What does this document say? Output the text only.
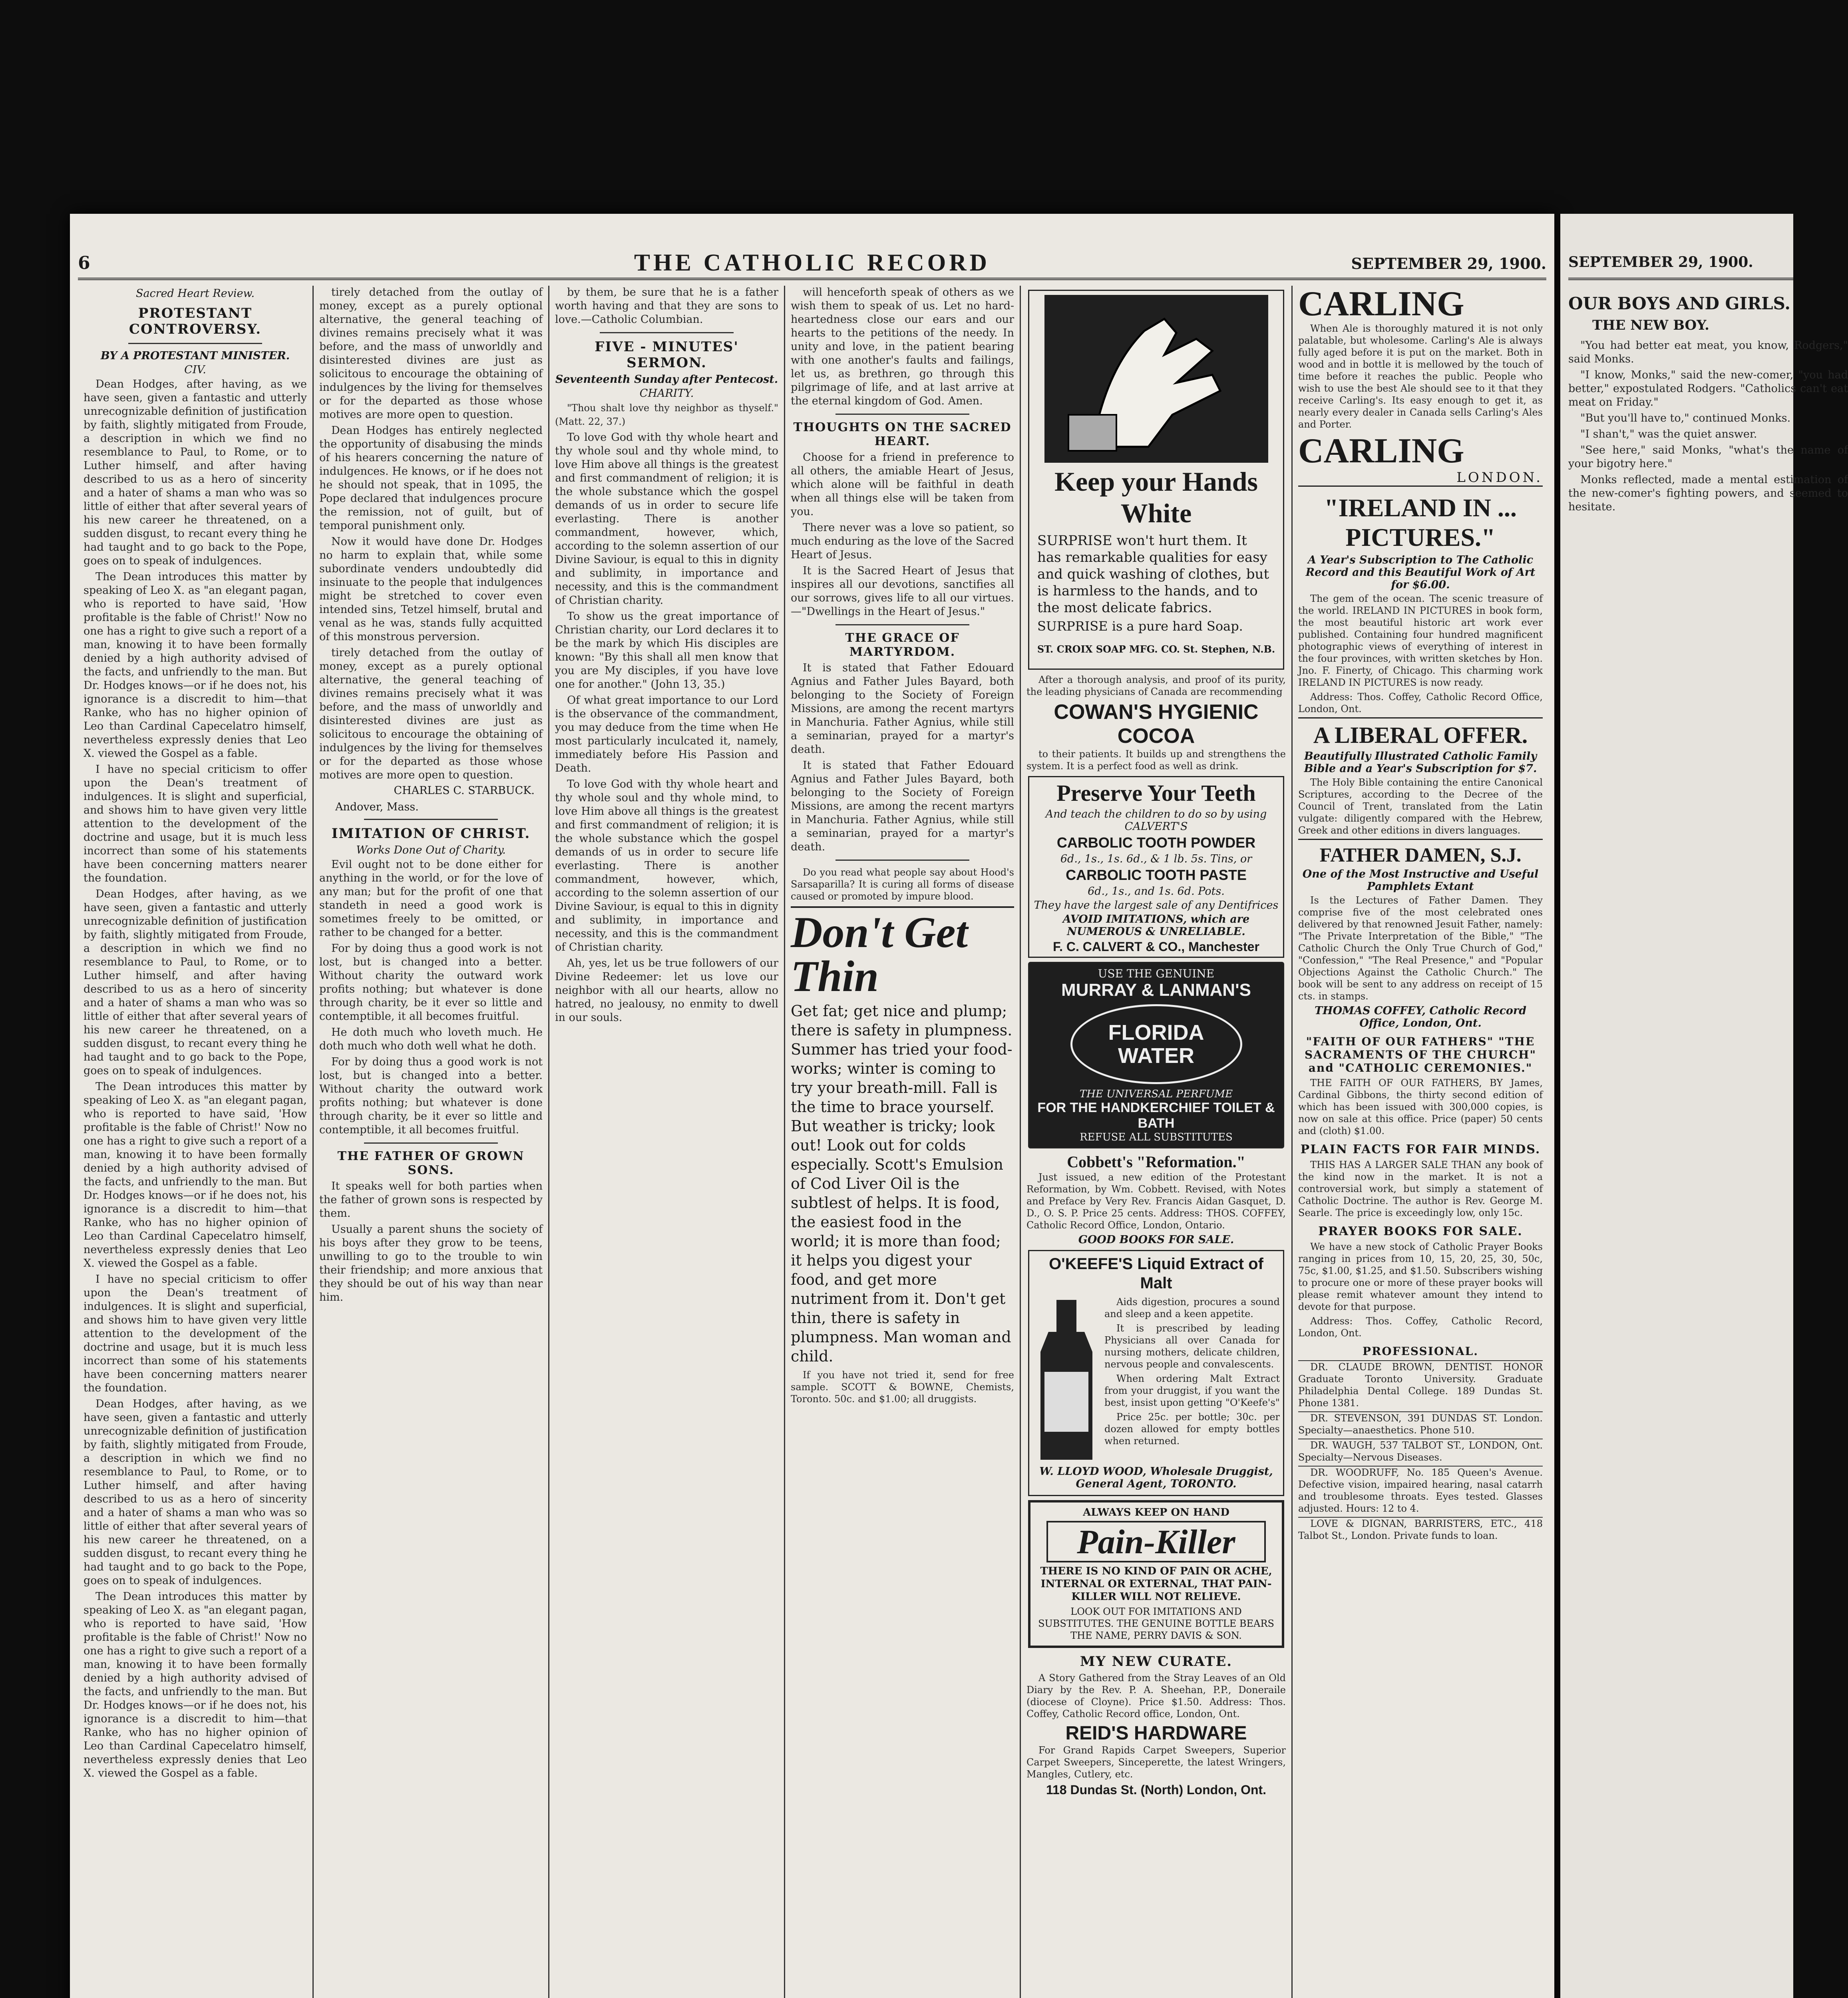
6	THE CATHOLIC RECORD	SEPTEMBER 29, 1900.
Sacred Heart Review.
PROTESTANT CONTROVERSY.
BY A PROTESTANT MINISTER.
CIV.

Dean Hodges, after having, as we have seen, given a fantastic and utterly unrecognizable definition of justification by faith, slightly mitigated from Froude, a description in which we find no resemblance to Paul, to Rome, or to Luther himself, and after having described to us as a hero of sincerity and a hater of shams a man who was so little of either that after several years of his new career he threatened, on a sudden disgust, to recant every thing he had taught and to go back to the Pope, goes on to speak of indulgences.

The Dean introduces this matter by speaking of Leo X. as "an elegant pagan, who is reported to have said, 'How profitable is the fable of Christ!' Now no one has a right to give such a report of a man, knowing it to have been formally denied by a high authority advised of the facts, and unfriendly to the man. But Dr. Hodges knows—or if he does not, his ignorance is a discredit to him—that Ranke, who has no higher opinion of Leo than Cardinal Capecelatro himself, nevertheless expressly denies that Leo X. viewed the Gospel as a fable.

I have no special criticism to offer upon the Dean's treatment of indulgences. It is slight and superficial, and shows him to have given very little attention to the development of the doctrine and usage, but it is much less incorrect than some of his statements have been concerning matters nearer the foundation.

Dean Hodges, after having, as we have seen, given a fantastic and utterly unrecognizable definition of justification by faith, slightly mitigated from Froude, a description in which we find no resemblance to Paul, to Rome, or to Luther himself, and after having described to us as a hero of sincerity and a hater of shams a man who was so little of either that after several years of his new career he threatened, on a sudden disgust, to recant every thing he had taught and to go back to the Pope, goes on to speak of indulgences.

The Dean introduces this matter by speaking of Leo X. as "an elegant pagan, who is reported to have said, 'How profitable is the fable of Christ!' Now no one has a right to give such a report of a man, knowing it to have been formally denied by a high authority advised of the facts, and unfriendly to the man. But Dr. Hodges knows—or if he does not, his ignorance is a discredit to him—that Ranke, who has no higher opinion of Leo than Cardinal Capecelatro himself, nevertheless expressly denies that Leo X. viewed the Gospel as a fable.

I have no special criticism to offer upon the Dean's treatment of indulgences. It is slight and superficial, and shows him to have given very little attention to the development of the doctrine and usage, but it is much less incorrect than some of his statements have been concerning matters nearer the foundation.

Dean Hodges, after having, as we have seen, given a fantastic and utterly unrecognizable definition of justification by faith, slightly mitigated from Froude, a description in which we find no resemblance to Paul, to Rome, or to Luther himself, and after having described to us as a hero of sincerity and a hater of shams a man who was so little of either that after several years of his new career he threatened, on a sudden disgust, to recant every thing he had taught and to go back to the Pope, goes on to speak of indulgences.

The Dean introduces this matter by speaking of Leo X. as "an elegant pagan, who is reported to have said, 'How profitable is the fable of Christ!' Now no one has a right to give such a report of a man, knowing it to have been formally denied by a high authority advised of the facts, and unfriendly to the man. But Dr. Hodges knows—or if he does not, his ignorance is a discredit to him—that Ranke, who has no higher opinion of Leo than Cardinal Capecelatro himself, nevertheless expressly denies that Leo X. viewed the Gospel as a fable.

tirely detached from the outlay of money, except as a purely optional alternative, the general teaching of divines remains precisely what it was before, and the mass of unworldly and disinterested divines are just as solicitous to encourage the obtaining of indulgences by the living for themselves or for the departed as those whose motives are more open to question.

Dean Hodges has entirely neglected the opportunity of disabusing the minds of his hearers concerning the nature of indulgences. He knows, or if he does not he should not speak, that in 1095, the Pope declared that indulgences procure the remission, not of guilt, but of temporal punishment only.

Now it would have done Dr. Hodges no harm to explain that, while some subordinate venders undoubtedly did insinuate to the people that indulgences might be stretched to cover even intended sins, Tetzel himself, brutal and venal as he was, stands fully acquitted of this monstrous perversion.

tirely detached from the outlay of money, except as a purely optional alternative, the general teaching of divines remains precisely what it was before, and the mass of unworldly and disinterested divines are just as solicitous to encourage the obtaining of indulgences by the living for themselves or for the departed as those whose motives are more open to question.

CHARLES C. STARBUCK.
Andover, Mass.
IMITATION OF CHRIST.
Works Done Out of Charity.

Evil ought not to be done either for anything in the world, or for the love of any man; but for the profit of one that standeth in need a good work is sometimes freely to be omitted, or rather to be changed for a better.

For by doing thus a good work is not lost, but is changed into a better. Without charity the outward work profits nothing; but whatever is done through charity, be it ever so little and contemptible, it all becomes fruitful.

He doth much who loveth much. He doth much who doth well what he doth.

For by doing thus a good work is not lost, but is changed into a better. Without charity the outward work profits nothing; but whatever is done through charity, be it ever so little and contemptible, it all becomes fruitful.

THE FATHER OF GROWN SONS.

It speaks well for both parties when the father of grown sons is respected by them.

Usually a parent shuns the society of his boys after they grow to be teens, unwilling to go to the trouble to win their friendship; and more anxious that they should be out of his way than near him.

by them, be sure that he is a father worth having and that they are sons to love.—Catholic Columbian.

FIVE - MINUTES' SERMON.
Seventeenth Sunday after Pentecost.
CHARITY.

"Thou shalt love thy neighbor as thyself." (Matt. 22, 37.)

To love God with thy whole heart and thy whole soul and thy whole mind, to love Him above all things is the greatest and first commandment of religion; it is the whole substance which the gospel demands of us in order to secure life everlasting. There is another commandment, however, which, according to the solemn assertion of our Divine Saviour, is equal to this in dignity and sublimity, in importance and necessity, and this is the commandment of Christian charity.

To show us the great importance of Christian charity, our Lord declares it to be the mark by which His disciples are known: "By this shall all men know that you are My disciples, if you have love one for another." (John 13, 35.)

Of what great importance to our Lord is the observance of the commandment, you may deduce from the time when He most particularly inculcated it, namely, immediately before His Passion and Death.

To love God with thy whole heart and thy whole soul and thy whole mind, to love Him above all things is the greatest and first commandment of religion; it is the whole substance which the gospel demands of us in order to secure life everlasting. There is another commandment, however, which, according to the solemn assertion of our Divine Saviour, is equal to this in dignity and sublimity, in importance and necessity, and this is the commandment of Christian charity.

Ah, yes, let us be true followers of our Divine Redeemer: let us love our neighbor with all our hearts, allow no hatred, no jealousy, no enmity to dwell in our souls.

will henceforth speak of others as we wish them to speak of us. Let no hard-heartedness close our ears and our hearts to the petitions of the needy. In unity and love, in the patient bearing with one another's faults and failings, let us, as brethren, go through this pilgrimage of life, and at last arrive at the eternal kingdom of God. Amen.

THOUGHTS ON THE SACRED HEART.

Choose for a friend in preference to all others, the amiable Heart of Jesus, which alone will be faithful in death when all things else will be taken from you.

There never was a love so patient, so much enduring as the love of the Sacred Heart of Jesus.

It is the Sacred Heart of Jesus that inspires all our devotions, sanctifies all our sorrows, gives life to all our virtues.—"Dwellings in the Heart of Jesus."

THE GRACE OF MARTYRDOM.

It is stated that Father Edouard Agnius and Father Jules Bayard, both belonging to the Society of Foreign Missions, are among the recent martyrs in Manchuria. Father Agnius, while still a seminarian, prayed for a martyr's death.

It is stated that Father Edouard Agnius and Father Jules Bayard, both belonging to the Society of Foreign Missions, are among the recent martyrs in Manchuria. Father Agnius, while still a seminarian, prayed for a martyr's death.

Do you read what people say about Hood's Sarsaparilla? It is curing all forms of disease caused or promoted by impure blood.

Don't Get Thin

Get fat; get nice and plump; there is safety in plumpness. Summer has tried your food-works; winter is coming to try your breath-mill. Fall is the time to brace yourself. But weather is tricky; look out! Look out for colds especially. Scott's Emulsion of Cod Liver Oil is the subtlest of helps. It is food, the easiest food in the world; it is more than food; it helps you digest your food, and get more nutriment from it. Don't get thin, there is safety in plumpness. Man woman and child.

If you have not tried it, send for free sample. SCOTT & BOWNE, Chemists, Toronto. 50c. and $1.00; all druggists.

Keep your Hands White

SURPRISE won't hurt them. It has remarkable qualities for easy and quick washing of clothes, but is harmless to the hands, and to the most delicate fabrics.

SURPRISE is a pure hard Soap.

ST. CROIX SOAP MFG. CO. St. Stephen, N.B.

After a thorough analysis, and proof of its purity, the leading physicians of Canada are recommending

COWAN'S HYGIENIC COCOA

to their patients. It builds up and strengthens the system. It is a perfect food as well as drink.

Preserve Your Teeth
And teach the children to do so by using CALVERT'S
CARBOLIC TOOTH POWDER
6d., 1s., 1s. 6d., & 1 lb. 5s. Tins, or
CARBOLIC TOOTH PASTE
6d., 1s., and 1s. 6d. Pots.
They have the largest sale of any Dentifrices
AVOID IMITATIONS, which are NUMEROUS & UNRELIABLE.
F. C. CALVERT & CO., Manchester
USE THE GENUINE
MURRAY & LANMAN'S
FLORIDA WATER
THE UNIVERSAL PERFUME
FOR THE HANDKERCHIEF TOILET & BATH
REFUSE ALL SUBSTITUTES
Cobbett's "Reformation."

Just issued, a new edition of the Protestant Reformation, by Wm. Cobbett. Revised, with Notes and Preface by Very Rev. Francis Aidan Gasquet, D. D., O. S. P. Price 25 cents. Address: THOS. COFFEY, Catholic Record Office, London, Ontario.

GOOD BOOKS FOR SALE.
O'KEEFE'S Liquid Extract of Malt

Aids digestion, procures a sound and sleep and a keen appetite.

It is prescribed by leading Physicians all over Canada for nursing mothers, delicate children, nervous people and convalescents.

When ordering Malt Extract from your druggist, if you want the best, insist upon getting "O'Keefe's"

Price 25c. per bottle; 30c. per dozen allowed for empty bottles when returned.

W. LLOYD WOOD, Wholesale Druggist, General Agent, TORONTO.
ALWAYS KEEP ON HAND
Pain-Killer
THERE IS NO KIND OF PAIN OR ACHE, INTERNAL OR EXTERNAL, THAT PAIN-KILLER WILL NOT RELIEVE.
LOOK OUT FOR IMITATIONS AND SUBSTITUTES. THE GENUINE BOTTLE BEARS THE NAME, PERRY DAVIS & SON.
MY NEW CURATE.

A Story Gathered from the Stray Leaves of an Old Diary by the Rev. P. A. Sheehan, P.P., Doneraile (diocese of Cloyne). Price $1.50. Address: Thos. Coffey, Catholic Record office, London, Ont.

REID'S HARDWARE

For Grand Rapids Carpet Sweepers, Superior Carpet Sweepers, Sinceperette, the latest Wringers, Mangles, Cutlery, etc.

118 Dundas St. (North) London, Ont.
CARLING

When Ale is thoroughly matured it is not only palatable, but wholesome. Carling's Ale is always fully aged before it is put on the market. Both in wood and in bottle it is mellowed by the touch of time before it reaches the public. People who wish to use the best Ale should see to it that they receive Carling's. Its easy enough to get it, as nearly every dealer in Canada sells Carling's Ales and Porter.

CARLING
LONDON.
"IRELAND IN ... PICTURES."
A Year's Subscription to The Catholic Record and this Beautiful Work of Art for $6.00.

The gem of the ocean. The scenic treasure of the world. IRELAND IN PICTURES in book form, the most beautiful historic art work ever published. Containing four hundred magnificent photographic views of everything of interest in the four provinces, with written sketches by Hon. Jno. F. Finerty, of Chicago. This charming work IRELAND IN PICTURES is now ready.

Address: Thos. Coffey, Catholic Record Office, London, Ont.

A LIBERAL OFFER.
Beautifully Illustrated Catholic Family Bible and a Year's Subscription for $7.

The Holy Bible containing the entire Canonical Scriptures, according to the Decree of the Council of Trent, translated from the Latin vulgate: diligently compared with the Hebrew, Greek and other editions in divers languages.

FATHER DAMEN, S.J.
One of the Most Instructive and Useful Pamphlets Extant

Is the Lectures of Father Damen. They comprise five of the most celebrated ones delivered by that renowned Jesuit Father, namely: "The Private Interpretation of the Bible," "The Catholic Church the Only True Church of God," "Confession," "The Real Presence," and "Popular Objections Against the Catholic Church." The book will be sent to any address on receipt of 15 cts. in stamps.

THOMAS COFFEY, Catholic Record Office, London, Ont.
"FAITH OF OUR FATHERS" "THE SACRAMENTS OF THE CHURCH" and "CATHOLIC CEREMONIES."

THE FAITH OF OUR FATHERS, BY James, Cardinal Gibbons, the thirty second edition of which has been issued with 300,000 copies, is now on sale at this office. Price (paper) 50 cents and (cloth) $1.00.

PLAIN FACTS FOR FAIR MINDS.

THIS HAS A LARGER SALE THAN any book of the kind now in the market. It is not a controversial work, but simply a statement of Catholic Doctrine. The author is Rev. George M. Searle. The price is exceedingly low, only 15c.

PRAYER BOOKS FOR SALE.

We have a new stock of Catholic Prayer Books ranging in prices from 10, 15, 20, 25, 30, 50c, 75c, $1.00, $1.25, and $1.50. Subscribers wishing to procure one or more of these prayer books will please remit whatever amount they intend to devote for that purpose.

Address: Thos. Coffey, Catholic Record, London, Ont.

PROFESSIONAL.

DR. CLAUDE BROWN, DENTIST. HONOR Graduate Toronto University. Graduate Philadelphia Dental College. 189 Dundas St. Phone 1381.

DR. STEVENSON, 391 DUNDAS ST. London. Specialty—anaesthetics. Phone 510.

DR. WAUGH, 537 TALBOT ST., LONDON, Ont. Specialty—Nervous Diseases.

DR. WOODRUFF, No. 185 Queen's Avenue. Defective vision, impaired hearing, nasal catarrh and troublesome throats. Eyes tested. Glasses adjusted. Hours: 12 to 4.

LOVE & DIGNAN, BARRISTERS, ETC., 418 Talbot St., London. Private funds to loan.

SEPTEMBER 29, 1900.
OUR BOYS AND GIRLS.
THE NEW BOY.

"You had better eat meat, you know, Rodgers," said Monks.

"I know, Monks," said the new-comer, "you had better," expostulated Rodgers. "Catholics can't eat meat on Friday."

"But you'll have to," continued Monks.

"I shan't," was the quiet answer.

"See here," said Monks, "what's the name of your bigotry here."

Monks reflected, made a mental estimation of the new-comer's fighting powers, and seemed to hesitate.
